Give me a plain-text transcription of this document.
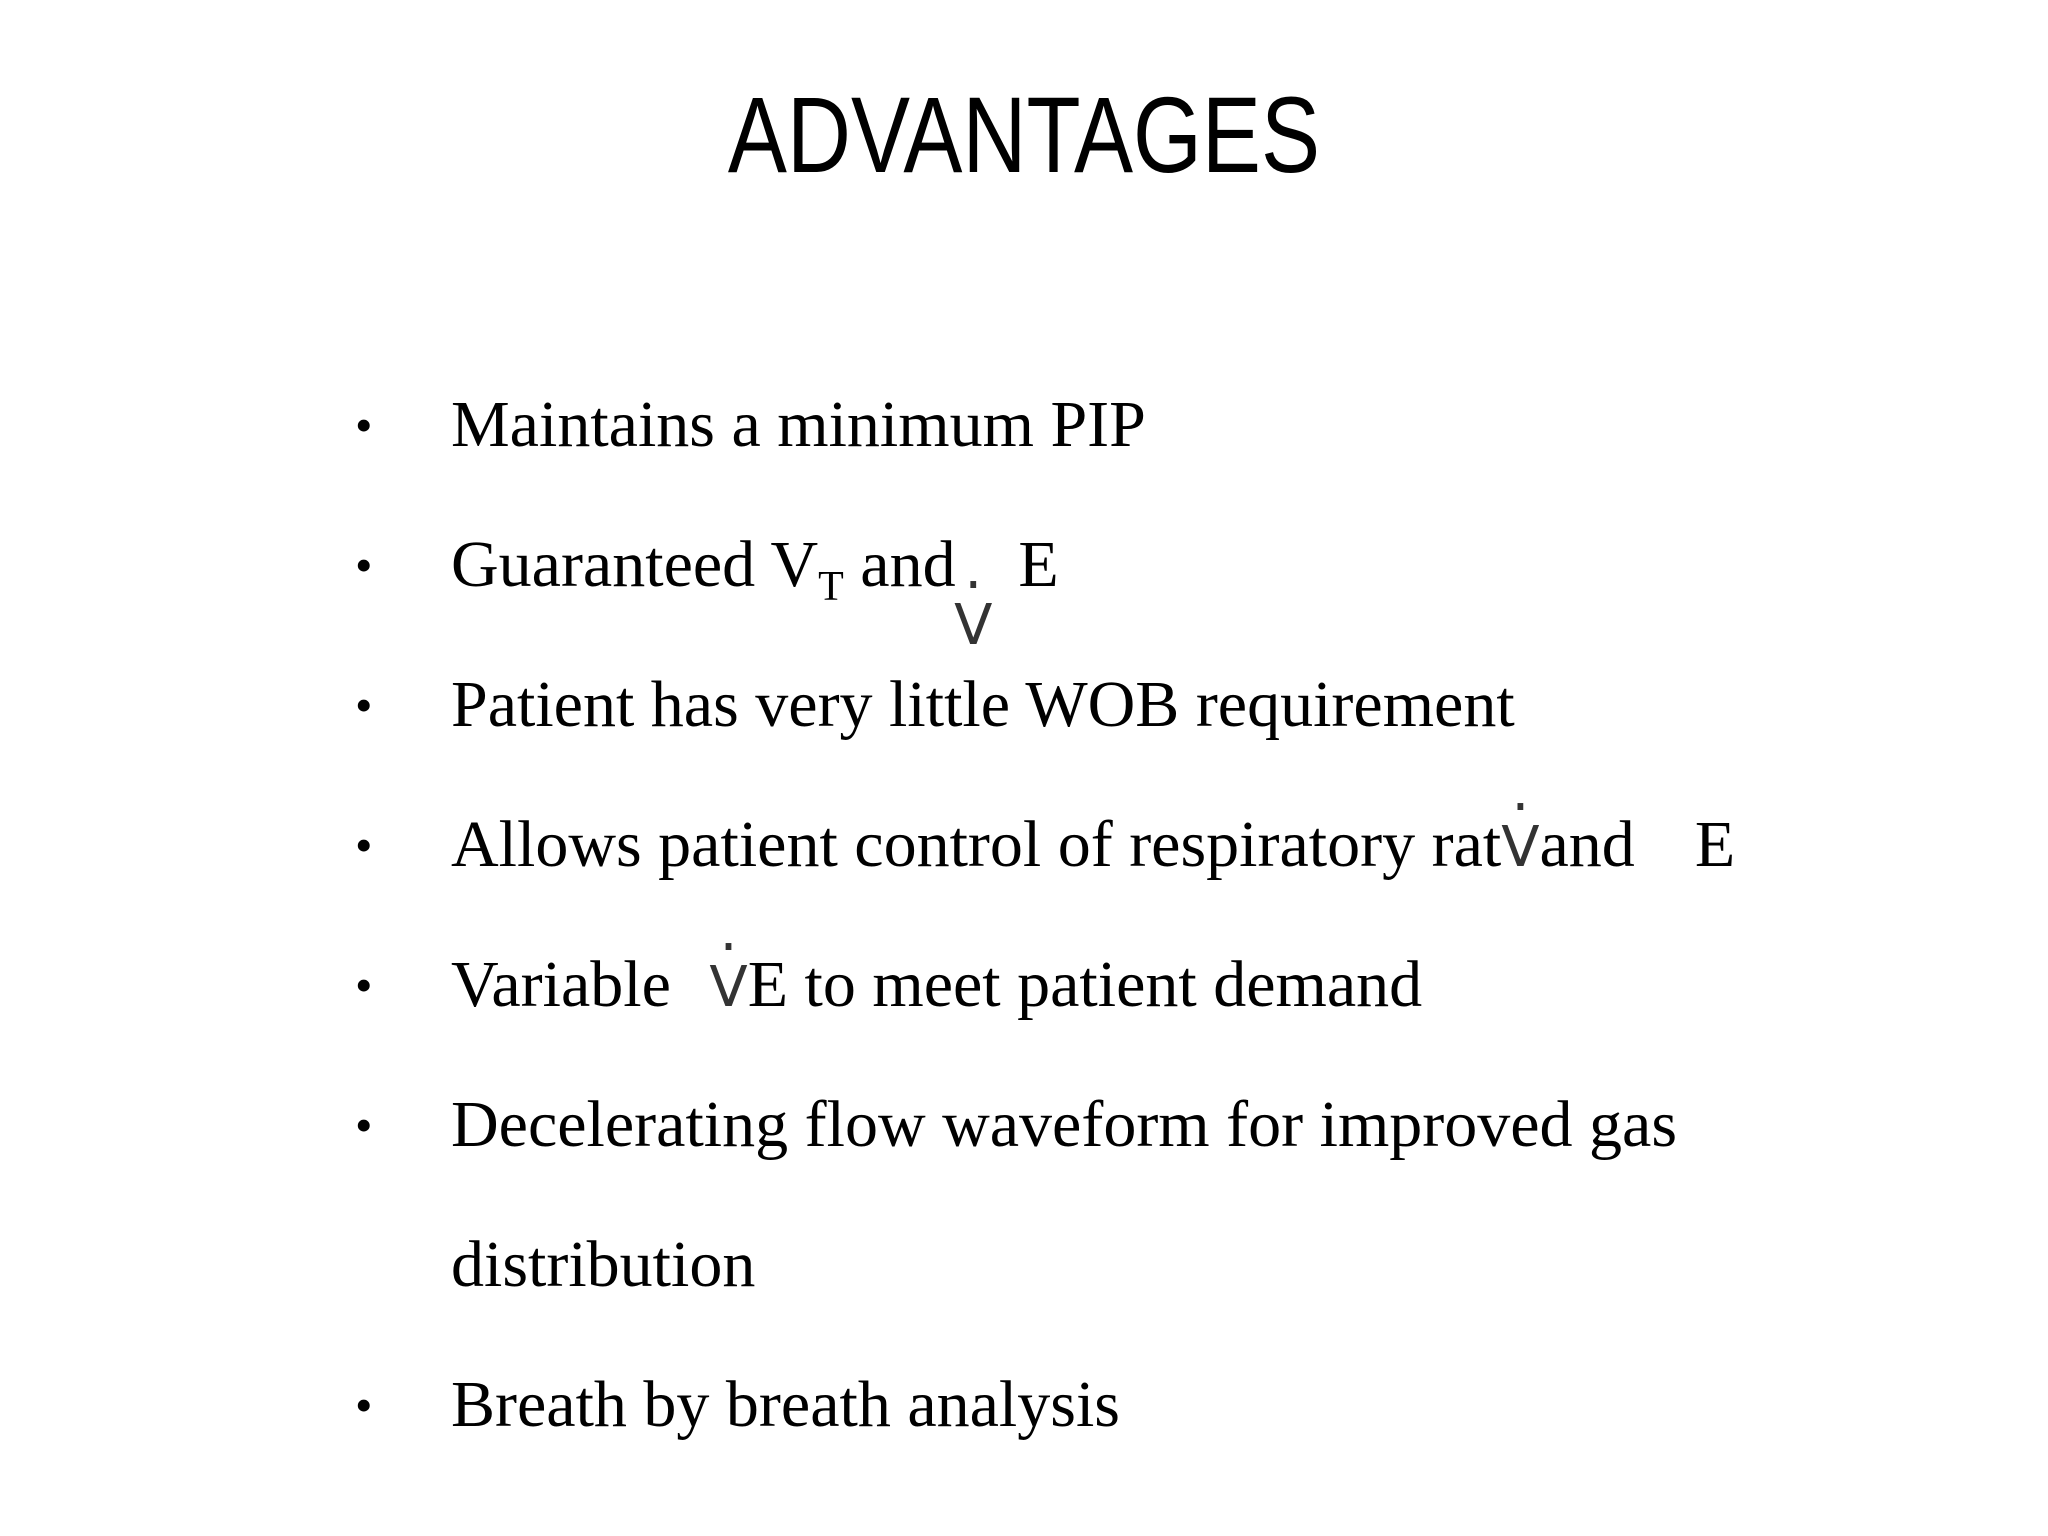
ADVANTAGES
• Maintains a minimum PIP
• Guaranteed $V_T$ and · VE
• Patient has very little WOB requirement
• Allows patient control of respiratory rat· Vand E
• Variable · VE to meet patient demand
• Decelerating flow waveform for improved gas
distribution
• Breath by breath analysis
